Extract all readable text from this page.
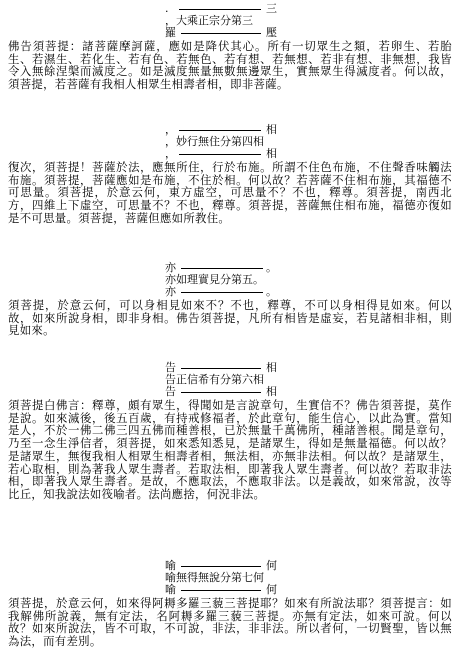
.	三
，大乘正宗分第三
羅	壓
佛告須菩提：諸菩薩摩訶薩，應如是降伏其心。所有一切眾生之類，若卵生、若胎生、若濕生、若化生、若有色、若無色、若有想、若無想、若非有想、非無想，我皆令入無餘涅槃而滅度之。如是滅度無量無數無邊眾生，實無眾生得滅度者。何以故，須菩提，若菩薩有我相人相眾生相壽者相，即非菩薩。
，	相
，妙行無住分第四相
，	相
復次，須菩提！菩薩於法，應無所住，行於布施。所謂不住色布施，不住聲香味觸法布施。須菩提，菩薩應如是布施，不住於相。何以故？若菩薩不住相布施，其福德不可思量。須菩提，於意云何，東方虛空，可思量不？不也，釋尊。須菩提，南西北方，四維上下虛空，可思量不？不也，釋尊。須菩提，菩薩無住相布施，福德亦復如是不可思量。須菩提，菩薩但應如所教住。
亦	。
亦如理實見分第五。
亦	。
須菩提，於意云何，可以身相見如來不？不也，釋尊，不可以身相得見如來。何以故，如來所說身相，即非身相。佛告須菩提，凡所有相皆是虛妄，若見諸相非相，則見如來。
告	相
告正信希有分第六相
告	相
須菩提白佛言：釋尊，頗有眾生，得聞如是言說章句，生實信不？佛告須菩提，莫作是說。如來滅後，後五百歲，有持戒修福者，於此章句，能生信心，以此為實。當知是人，不於一佛二佛三四五佛而種善根，已於無量千萬佛所，種諸善根。聞是章句，乃至一念生淨信者，須菩提，如來悉知悉見，是諸眾生，得如是無量福德。何以故？是諸眾生，無復我相人相眾生相壽者相，無法相，亦無非法相。何以故？是諸眾生，若心取相，則為著我人眾生壽者。若取法相，即著我人眾生壽者。何以故？若取非法相，即著我人眾生壽者。是故，不應取法，不應取非法。以是義故，如來常說，汝等比丘，知我說法如筏喻者。法尚應捨，何況非法。
喻	何
喻無得無說分第七何
喻	何
須菩提，於意云何，如來得阿耨多羅三藐三菩提耶？如來有所說法耶？須菩提言：如我解佛所說義，無有定法，名阿耨多羅三藐三菩提。亦無有定法，如來可說。何以故？如來所說法，皆不可取，不可說，非法，非非法。所以者何，一切賢聖，皆以無為法，而有差別。
